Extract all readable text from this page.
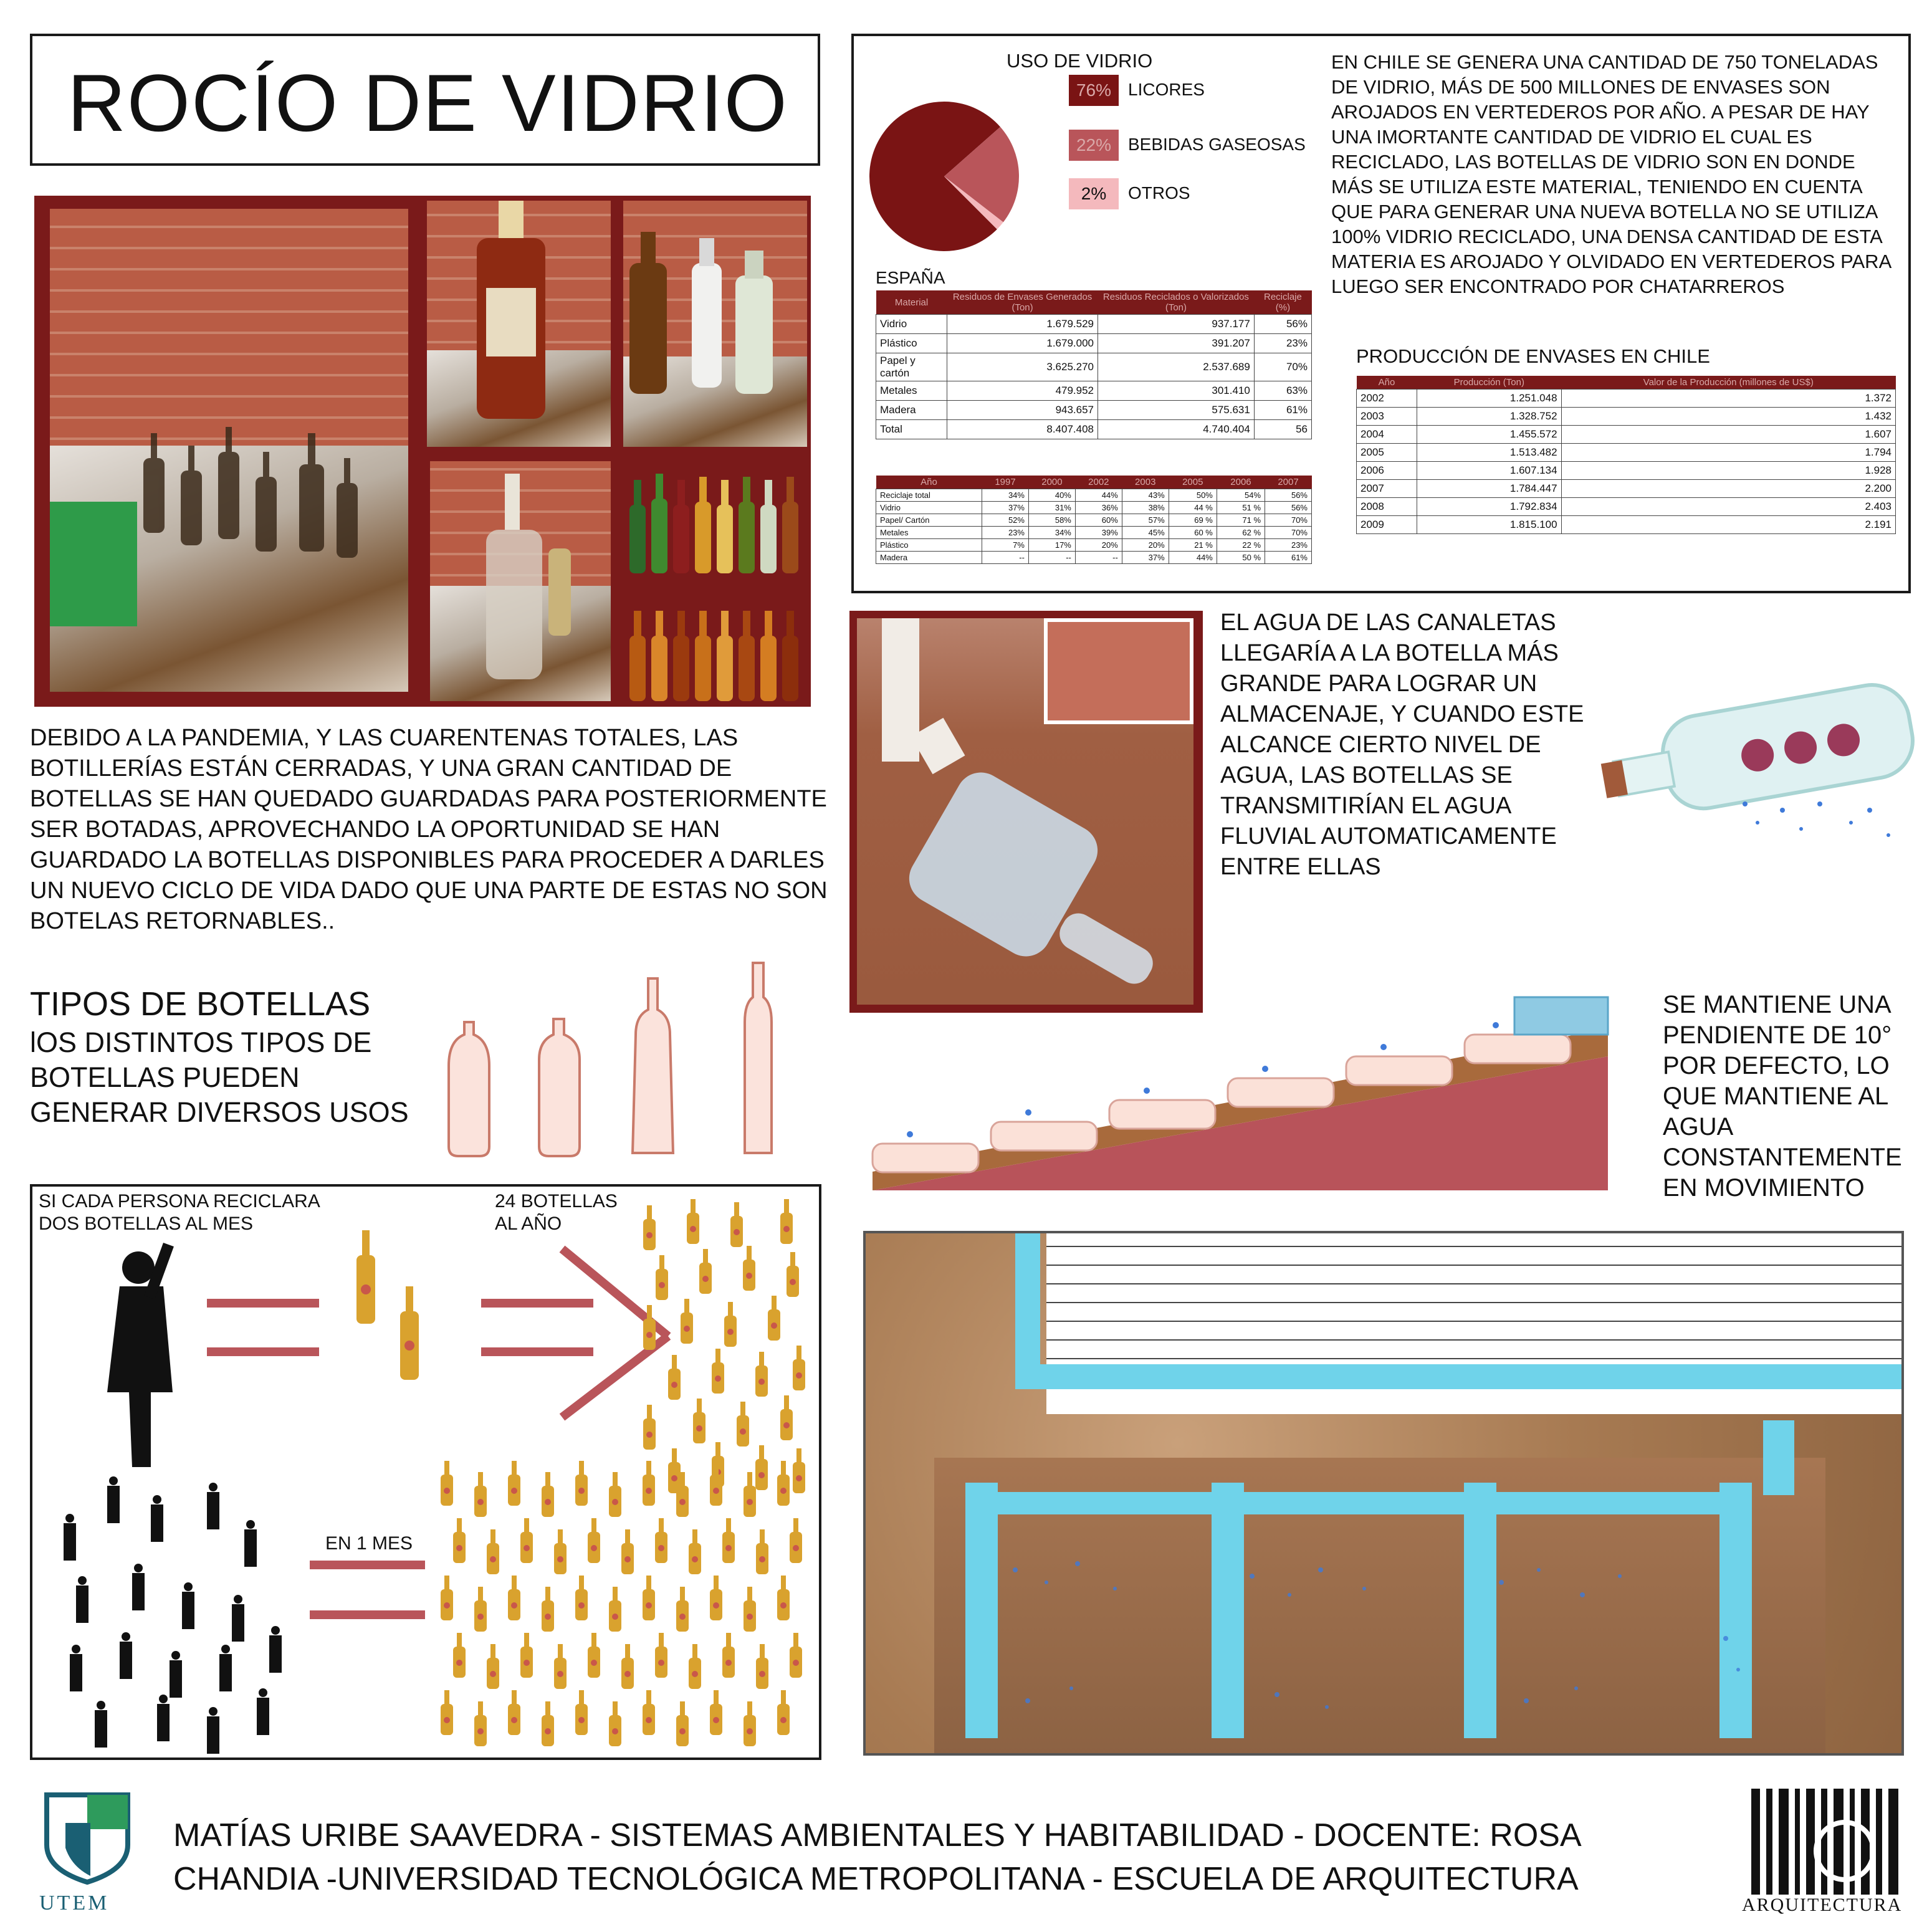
ROCÍO DE VIDRIO	USO DE VIDRIO	EN CHILE SE GENERA UNA CANTIDAD DE 750 TONELADAS DE VIDRIO, MÁS DE 500 MILLONES DE ENVASES SON AROJADOS EN VERTEDEROS POR AÑO. A PESAR DE HAY UNA IMORTANTE CANTIDAD DE VIDRIO EL CUAL ES RECICLADO, LAS BOTELLAS DE VIDRIO SON EN DONDE MÁS SE UTILIZA ESTE MATERIAL, TENIENDO EN CUENTA QUE PARA GENERAR UNA NUEVA BOTELLA NO SE UTILIZA 100% VIDRIO RECICLADO, UNA DENSA CANTIDAD DE ESTA MATERIA ES AROJADO Y OLVIDADO EN VERTEDEROS PARA LUEGO SER ENCONTRADO POR CHATARREROS
ESPAÑA
Material	Residuos de Envases Generados (Ton)	Residuos Reciclados o Valorizados (Ton)	Reciclaje (%)
Vidrio	1.679.529	937.177	56%
Plástico	1.679.000	391.207	23%
Papel y cartón	3.625.270	2.537.689	70%
Metales	479.952	301.410	63%
Madera	943.657	575.631	61%
Total	8.407.408	4.740.404	56
Año	1997	2000	2002	2003	2005	2006	2007
Reciclaje total	34%	40%	44%	43%	50%	54%	56%
Vidrio	37%	31%	36%	38%	44 %	51 %	56%
Papel/ Cartón	52%	58%	60%	57%	69 %	71 %	70%
Metales	23%	34%	39%	45%	60 %	62 %	70%
Plástico	7%	17%	20%	20%	21 %	22 %	23%
Madera	--	--	--	37%	44%	50 %	61%
PRODUCCIÓN DE ENVASES EN CHILE
Año	Producción (Ton)	Valor de la Producción (millones de US$)
2002	1.251.048	1.372
2003	1.328.752	1.432
2004	1.455.572	1.607
2005	1.513.482	1.794
2006	1.607.134	1.928
2007	1.784.447	2.200
2008	1.792.834	2.403
2009	1.815.100	2.191
76% LICORES
22% BEBIDAS GASEOSAS
2%	OTROS
DEBIDO A LA PANDEMIA, Y LAS CUARENTENAS TOTALES, LAS BOTILLERÍAS ESTÁN CERRADAS, Y UNA GRAN CANTIDAD DE BOTELLAS SE HAN QUEDADO GUARDADAS PARA POSTERIORMENTE SER BOTADAS, APROVECHANDO LA OPORTUNIDAD SE HAN GUARDADO LA BOTELLAS DISPONIBLES PARA PROCEDER A DARLES UN NUEVO CICLO DE VIDA DADO QUE UNA PARTE DE ESTAS NO SON BOTELAS RETORNABLES..
EL AGUA DE LAS CANALETAS LLEGARÍA A LA BOTELLA MÁS GRANDE PARA LOGRAR UN ALMACENAJE, Y CUANDO ESTE ALCANCE CIERTO NIVEL DE AGUA, LAS BOTELLAS SE TRANSMITIRÍAN EL AGUA FLUVIAL AUTOMATICAMENTE ENTRE ELLAS
TIPOS DE BOTELLAS
lOS DISTINTOS TIPOS DE BOTELLAS PUEDEN GENERAR DIVERSOS USOS
SE MANTIENE UNA PENDIENTE DE 10° POR DEFECTO, LO QUE MANTIENE AL AGUA CONSTANTEMENTE EN MOVIMIENTO
SI CADA PERSONA RECICLARA DOS BOTELLAS AL MES
24 BOTELLAS AL AÑO
EN 1 MES
UTEM
MATÍAS URIBE SAAVEDRA - SISTEMAS AMBIENTALES Y HABITABILIDAD - DOCENTE: ROSA CHANDIA -UNIVERSIDAD TECNOLÓGICA METROPOLITANA - ESCUELA DE ARQUITECTURA
ARQUITECTURA
